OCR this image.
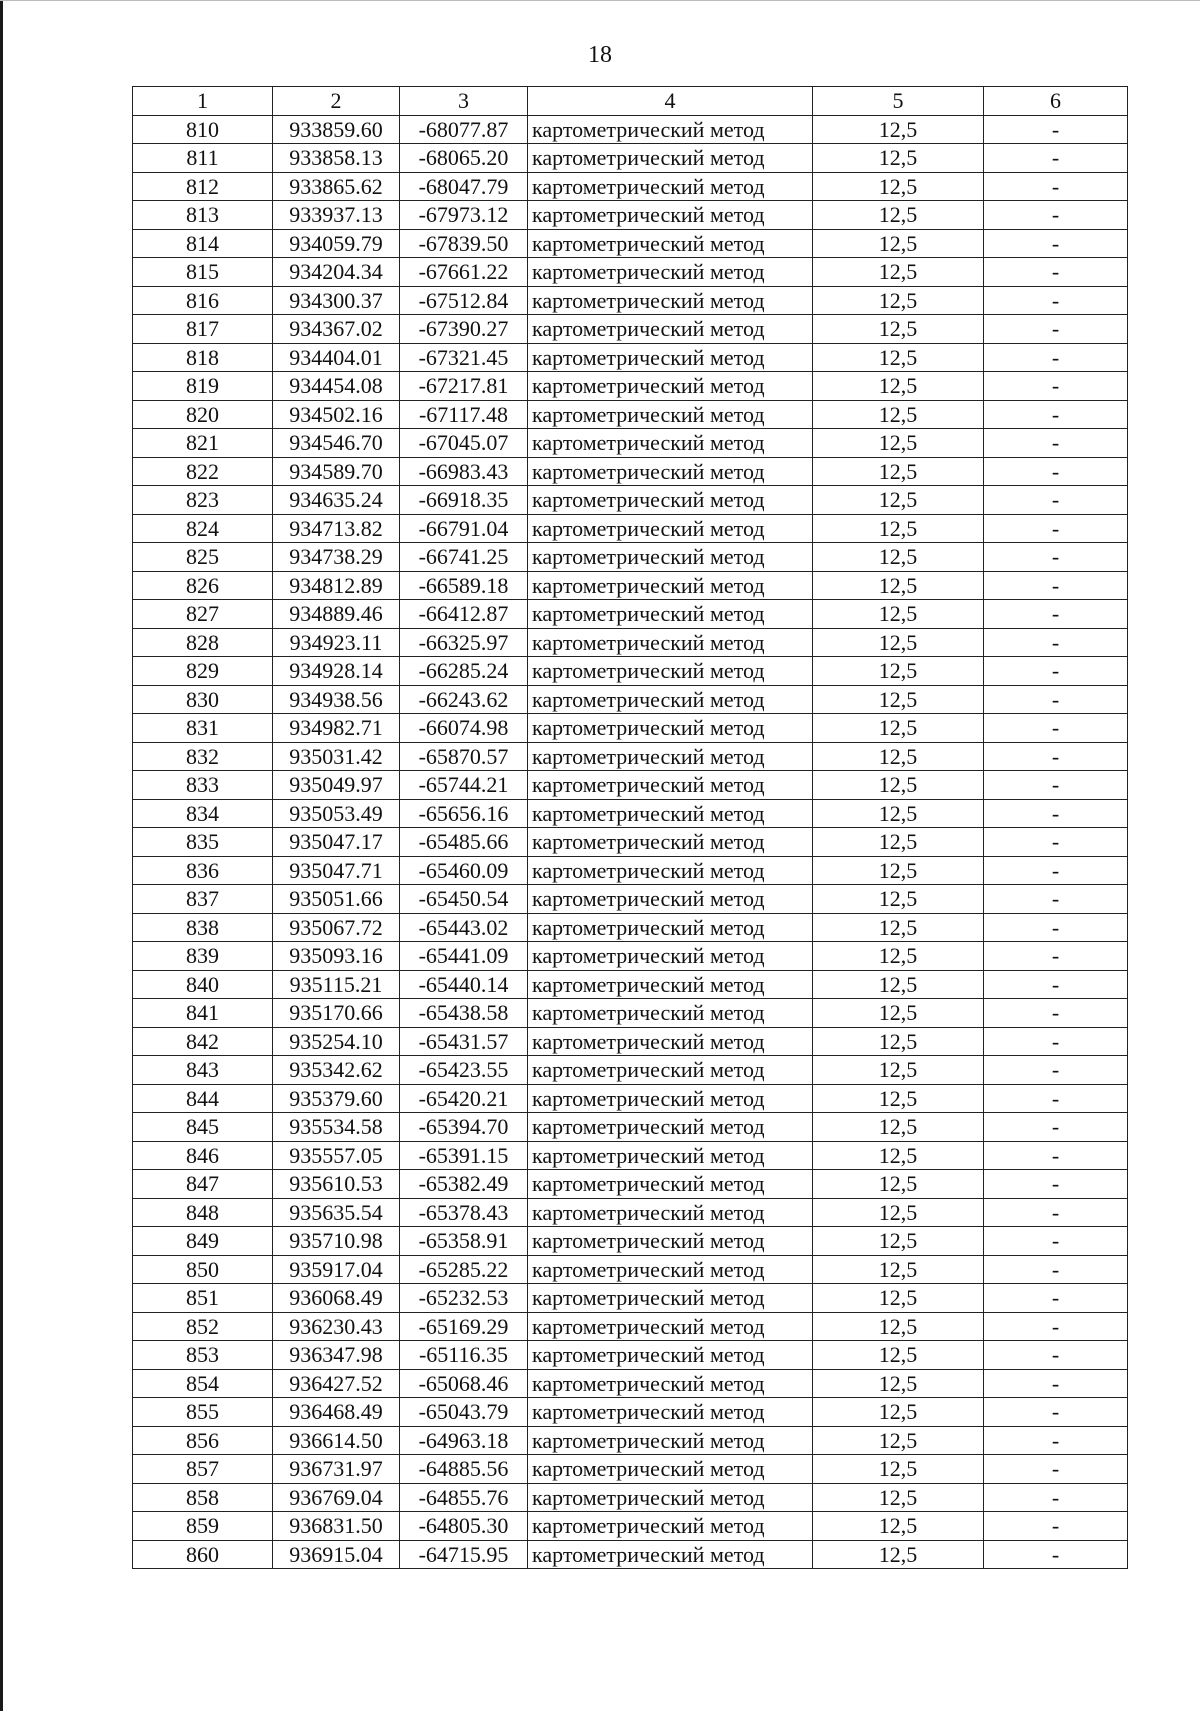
18
1	2	3	4	5	6
810	933859.60	-68077.87	картометрический метод	12,5	-
811	933858.13	-68065.20	картометрический метод	12,5	-
812	933865.62	-68047.79	картометрический метод	12,5	-
813	933937.13	-67973.12	картометрический метод	12,5	-
814	934059.79	-67839.50	картометрический метод	12,5	-
815	934204.34	-67661.22	картометрический метод	12,5	-
816	934300.37	-67512.84	картометрический метод	12,5	-
817	934367.02	-67390.27	картометрический метод	12,5	-
818	934404.01	-67321.45	картометрический метод	12,5	-
819	934454.08	-67217.81	картометрический метод	12,5	-
820	934502.16	-67117.48	картометрический метод	12,5	-
821	934546.70	-67045.07	картометрический метод	12,5	-
822	934589.70	-66983.43	картометрический метод	12,5	-
823	934635.24	-66918.35	картометрический метод	12,5	-
824	934713.82	-66791.04	картометрический метод	12,5	-
825	934738.29	-66741.25	картометрический метод	12,5	-
826	934812.89	-66589.18	картометрический метод	12,5	-
827	934889.46	-66412.87	картометрический метод	12,5	-
828	934923.11	-66325.97	картометрический метод	12,5	-
829	934928.14	-66285.24	картометрический метод	12,5	-
830	934938.56	-66243.62	картометрический метод	12,5	-
831	934982.71	-66074.98	картометрический метод	12,5	-
832	935031.42	-65870.57	картометрический метод	12,5	-
833	935049.97	-65744.21	картометрический метод	12,5	-
834	935053.49	-65656.16	картометрический метод	12,5	-
835	935047.17	-65485.66	картометрический метод	12,5	-
836	935047.71	-65460.09	картометрический метод	12,5	-
837	935051.66	-65450.54	картометрический метод	12,5	-
838	935067.72	-65443.02	картометрический метод	12,5	-
839	935093.16	-65441.09	картометрический метод	12,5	-
840	935115.21	-65440.14	картометрический метод	12,5	-
841	935170.66	-65438.58	картометрический метод	12,5	-
842	935254.10	-65431.57	картометрический метод	12,5	-
843	935342.62	-65423.55	картометрический метод	12,5	-
844	935379.60	-65420.21	картометрический метод	12,5	-
845	935534.58	-65394.70	картометрический метод	12,5	-
846	935557.05	-65391.15	картометрический метод	12,5	-
847	935610.53	-65382.49	картометрический метод	12,5	-
848	935635.54	-65378.43	картометрический метод	12,5	-
849	935710.98	-65358.91	картометрический метод	12,5	-
850	935917.04	-65285.22	картометрический метод	12,5	-
851	936068.49	-65232.53	картометрический метод	12,5	-
852	936230.43	-65169.29	картометрический метод	12,5	-
853	936347.98	-65116.35	картометрический метод	12,5	-
854	936427.52	-65068.46	картометрический метод	12,5	-
855	936468.49	-65043.79	картометрический метод	12,5	-
856	936614.50	-64963.18	картометрический метод	12,5	-
857	936731.97	-64885.56	картометрический метод	12,5	-
858	936769.04	-64855.76	картометрический метод	12,5	-
859	936831.50	-64805.30	картометрический метод	12,5	-
860	936915.04	-64715.95	картометрический метод	12,5	-
